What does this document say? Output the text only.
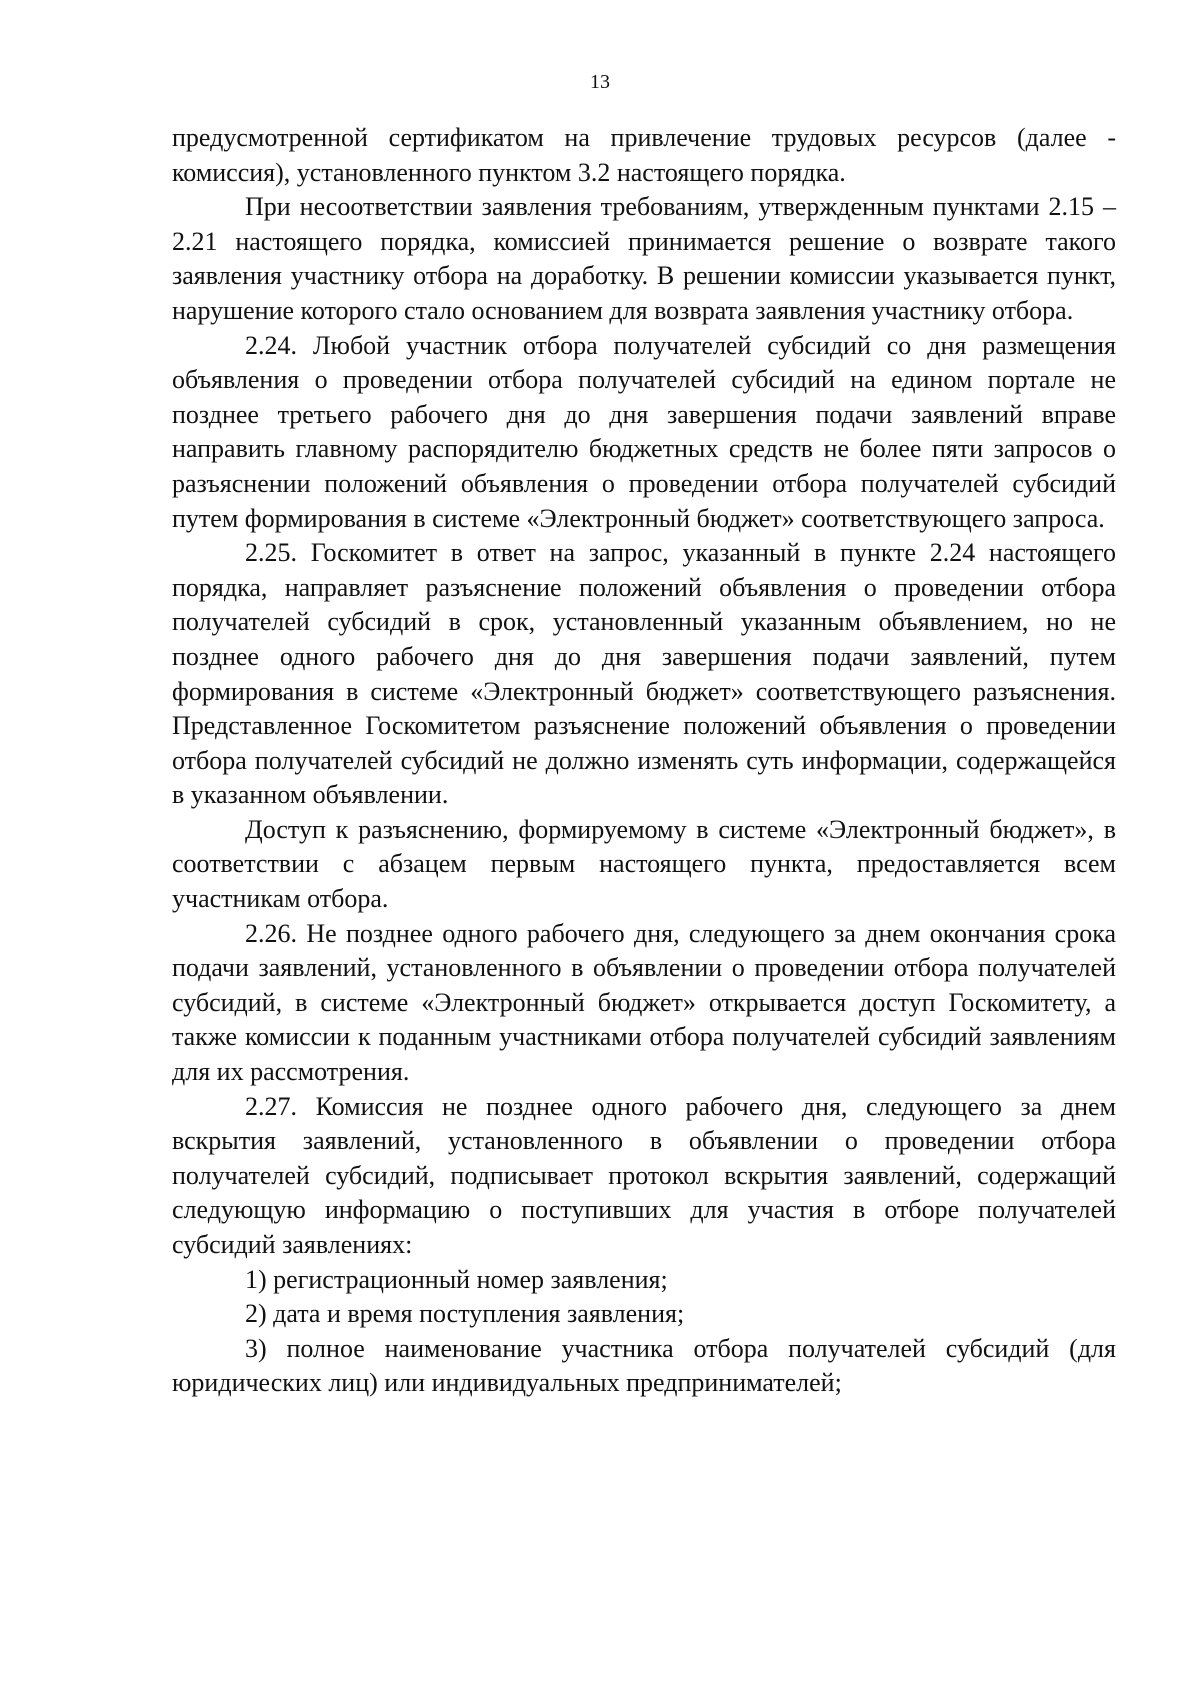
13

предусмотренной сертификатом на привлечение трудовых ресурсов (далее - комиссия), установленного пунктом 3.2 настоящего порядка.

При несоответствии заявления требованиям, утвержденным пунктами 2.15 – 2.21 настоящего порядка, комиссией принимается решение о возврате такого заявления участнику отбора на доработку. В решении комиссии указывается пункт, нарушение которого стало основанием для возврата заявления участнику отбора.

2.24. Любой участник отбора получателей субсидий со дня размещения объявления о проведении отбора получателей субсидий на едином портале не позднее третьего рабочего дня до дня завершения подачи заявлений вправе направить главному распорядителю бюджетных средств не более пяти запросов о разъяснении положений объявления о проведении отбора получателей субсидий путем формирования в системе «Электронный бюджет» соответствующего запроса.

2.25. Госкомитет в ответ на запрос, указанный в пункте 2.24 настоящего порядка, направляет разъяснение положений объявления о проведении отбора получателей субсидий в срок, установленный указанным объявлением, но не позднее одного рабочего дня до дня завершения подачи заявлений, путем формирования в системе «Электронный бюджет» соответствующего разъяснения. Представленное Госкомитетом разъяснение положений объявления о проведении отбора получателей субсидий не должно изменять суть информации, содержащейся в указанном объявлении.

Доступ к разъяснению, формируемому в системе «Электронный бюджет», в соответствии с абзацем первым настоящего пункта, предоставляется всем участникам отбора.

2.26. Не позднее одного рабочего дня, следующего за днем окончания срока подачи заявлений, установленного в объявлении о проведении отбора получателей субсидий, в системе «Электронный бюджет» открывается доступ Госкомитету, а также комиссии к поданным участниками отбора получателей субсидий заявлениям для их рассмотрения.

2.27. Комиссия не позднее одного рабочего дня, следующего за днем вскрытия заявлений, установленного в объявлении о проведении отбора получателей субсидий, подписывает протокол вскрытия заявлений, содержащий следующую информацию о поступивших для участия в отборе получателей субсидий заявлениях:

1) регистрационный номер заявления;

2) дата и время поступления заявления;

3) полное наименование участника отбора получателей субсидий (для юридических лиц) или индивидуальных предпринимателей;
